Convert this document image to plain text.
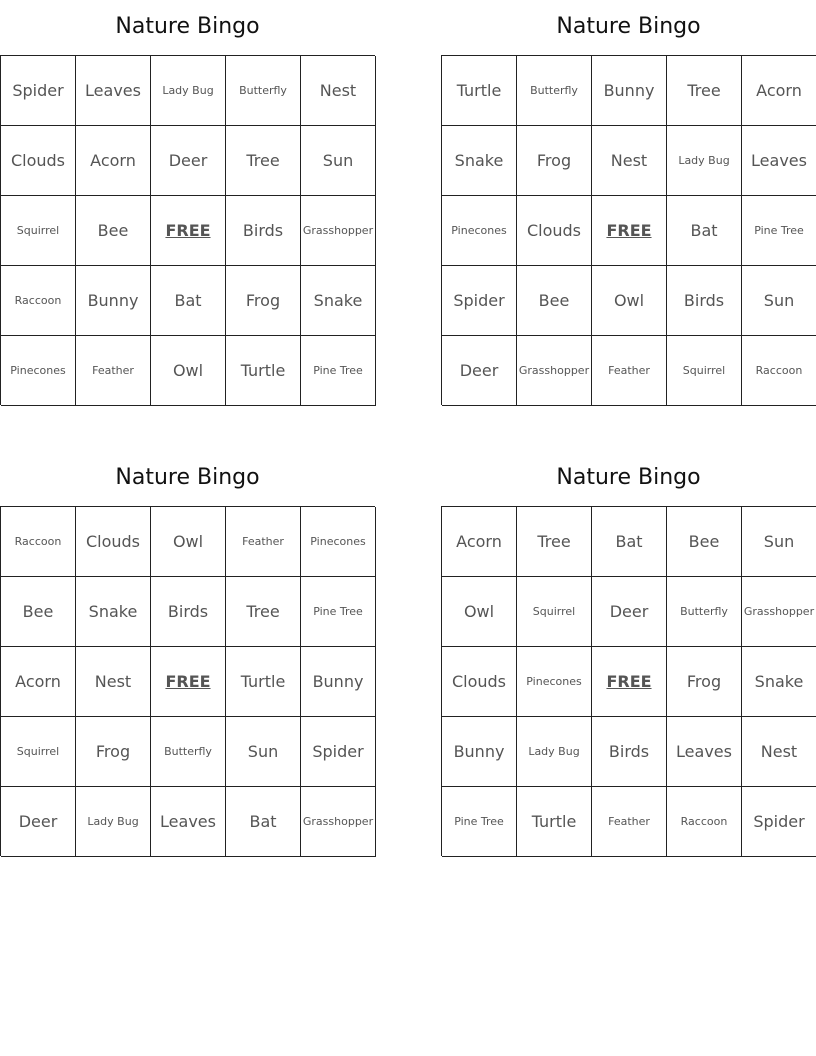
Nature Bingo
Spider	Leaves	Lady Bug	Butterfly	Nest
Clouds	Acorn	Deer	Tree	Sun
Squirrel	Bee	FREE	Birds	Grasshopper
Raccoon	Bunny	Bat	Frog	Snake
Pinecones	Feather	Owl	Turtle	Pine Tree
Nature Bingo
Turtle	Butterfly	Bunny	Tree	Acorn
Snake	Frog	Nest	Lady Bug	Leaves
Pinecones	Clouds	FREE	Bat	Pine Tree
Spider	Bee	Owl	Birds	Sun
Deer	Grasshopper	Feather	Squirrel	Raccoon
Nature Bingo
Raccoon	Clouds	Owl	Feather	Pinecones
Bee	Snake	Birds	Tree	Pine Tree
Acorn	Nest	FREE	Turtle	Bunny
Squirrel	Frog	Butterfly	Sun	Spider
Deer	Lady Bug	Leaves	Bat	Grasshopper
Nature Bingo
Acorn	Tree	Bat	Bee	Sun
Owl	Squirrel	Deer	Butterfly	Grasshopper
Clouds	Pinecones	FREE	Frog	Snake
Bunny	Lady Bug	Birds	Leaves	Nest
Pine Tree	Turtle	Feather	Raccoon	Spider
